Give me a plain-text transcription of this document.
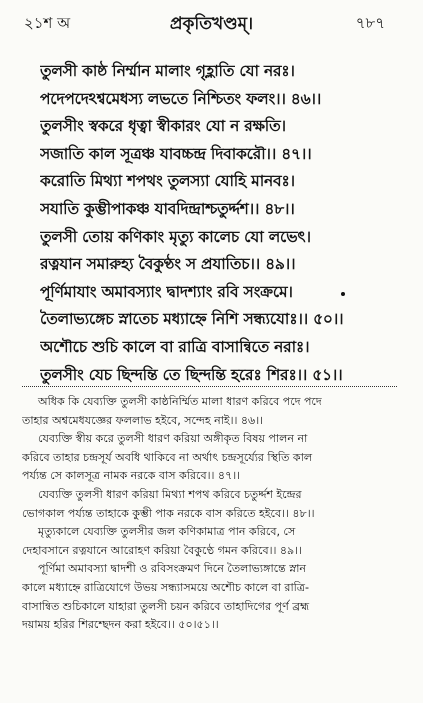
২১শ অ	প্রকৃতিখণ্ডম্।	৭৮৭
তুলসী কাষ্ঠ নির্ম্মান মালাং গৃহ্লাতি যো নরঃ।
পদেপদেঽশ্বমেধস্য লভতে নিশ্চিতং ফলং।। ৪৬।।
তুলসীং স্বকরে ধৃত্বা স্বীকারং যো ন রক্ষতি।
সজাতি কাল সূত্রঞ্চ যাবচ্চন্দ্র দিবাকরৌ।। ৪৭।।
করোতি মিথ্যা শপথং তুলস্যা যোহি মানবঃ।
সযাতি কুম্ভীপাকঞ্চ যাবদিন্দ্রাশ্চতুর্দ্দশ।। ৪৮।।
তুলসী তোয় কণিকাং মৃত্যু কালেচ যো লভেৎ।
রত্নযান সমারুহ্য বৈকুণ্ঠং স প্রযাতিচ।। ৪৯।।
পূর্ণিমাযাং অমাবস্যাং দ্বাদশ্যাং রবি সংক্রমে।
তৈলাভ্যঙ্গেচ স্নাতেচ মধ্যাহ্নে নিশি সন্ধ্যযোঃ।। ৫০।।
অশৌচে শুচি কালে বা রাত্রি বাসান্বিতে নরাঃ।
তুলসীং যেচ ছিন্দন্তি তে ছিন্দন্তি হরেঃ শিরঃ।। ৫১।।

অধিক কি যেব্যক্তি তুলসী কাষ্ঠনির্ম্মিত মালা ধারণ করিবে পদে পদে

তাহার অশ্বমেধযজ্ঞের ফললাভ হইবে, সন্দেহ নাই।। ৪৬।।

যেব্যক্তি স্বীয় করে তুলসী ধারণ করিয়া অঙ্গীকৃত বিষয় পালন না

করিবে তাহার চন্দ্রসূর্য অবধি থাকিবে না অর্থাৎ চন্দ্রসূর্য্যের স্থিতি কাল

পর্য্যন্ত সে কালসূত্র নামক নরকে বাস করিবে।। ৪৭।।

যেব্যক্তি তুলসী ধারণ করিয়া মিথ্যা শপথ করিবে চতুর্দ্দশ ইন্দ্রের

ভোগকাল পর্য্যন্ত তাহাকে কুম্ভী পাক নরকে বাস করিতে হইবে।। ৪৮।।

মৃত্যুকালে যেব্যক্তি তুলসীর জল কণিকামাত্র পান করিবে, সে

দেহাবসানে রত্নযানে আরোহণ করিয়া বৈকুণ্ঠে গমন করিবে।। ৪৯।।

পূর্ণিমা অমাবস্যা দ্বাদশী ও রবিসংক্রমণ দিনে তৈলাভ্যঙ্গান্তে স্নান

কালে মধ্যাহ্নে রাত্রিযোগে উভয় সন্ধ্যাসময়ে অশৌচ কালে বা রাত্রি-

বাসান্বিত শুচিকালে যাহারা তুলসী চয়ন করিবে তাহাদিগের পূর্ণ ব্রহ্ম

দয়াময় হরির শিরশ্ছেদন করা হইবে।। ৫০।৫১।।
